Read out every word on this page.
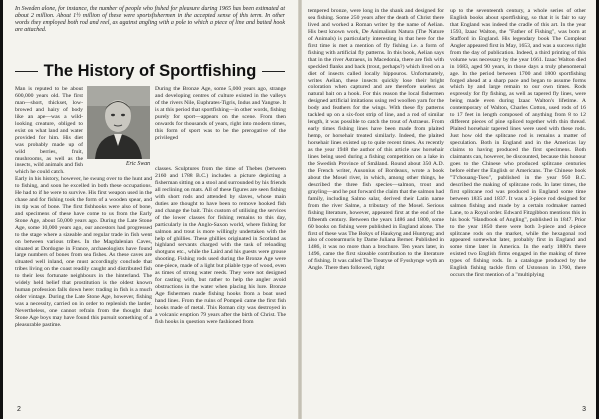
In Sweden alone, for instance, the number of people who fished for pleasure during 1965 has been estimated at about 2 million. About 1½ million of these were sportsfishermen in the accepted sense of this term. In other words they employed both rod and reel, as against angling with a pole to which a piece of line and baited hook are attached.
The History of Sportfishing

Man is reputed to be about 600,000 years old. The first man—short, thickset, low-browed and hairy of body like an ape—was a wild-looking creature, obliged to exist on what land and water provided for him. His diet was probably made up of wild berries, fruit, mushrooms, as well as the insects, wild animals and fish which he could catch.

Eric Swan

Early in his history, however, he swung over to the hunt and to fishing, and soon he excelled in both these occupations. He had to if he were to survive. His first weapon used in the chase and for fishing took the form of a wooden spear, and its tip was of bone. The first fishhooks were also of bone, and specimens of these have come to us from the Early Stone Age, about 50,000 years ago. During the Late Stone Age, some 10,000 years ago, our ancestors had progressed to the stage where a sizeable and regular trade in fish went on between various tribes. In the Magdalenian Caves, situated at Dordogne in France, archaeologists have found large numbers of bones from sea fishes. As these caves are situated well inland, one must accordingly conclude that tribes living on the coast readily caught and distributed fish to their less fortunate neighbours in the hinterland. The widely held belief that prostitution is the oldest known human profession falls down here: trading in fish is a much older vintage. During the Late Stone Age, however, fishing was a necessity, carried on in order to replenish the larder. Nevertheless, one cannot refrain from the thought that Stone Age boys may have found this pursuit something of a pleasurable pastime.

During the Bronze Age, some 5,000 years ago, strange and developing centres of culture existed in the valleys of the rivers Nile, Euphrates-Tigris, Indus and Yangtse. It is at this period that sportfishing—in other words, fishing purely for sport—appears on the scene. From then onwards for thousands of years, right into modern times, this form of sport was to be the prerogative of the privileged

classes. Sculptures from the time of Thebes (between 2160 and 1788 B.C.) includes a picture depicting a fisherman sitting on a stool and surrounded by his friends all reclining on mats. All of these figures are seen fishing with short rods and attended by slaves, whose main duties are thought to have been to remove hooked fish and change the bait. This custom of utilising the services of the lower classes for fishing remains to this day, particularly in the Anglo-Saxon world, where fishing for salmon and trout is more willingly undertaken with the help of ghillies. These ghillies originated in Scotland as highland servants charged with the task of reloading shotguns etc., while the Laird and his guests were grouse shooting. Fishing rods used during the Bronze Age were one-piece, made of a light but pliable type of wood, even as times of strong water reeds. They were not designed for casting with, but rather to help the angler avoid obstructions in the water when placing his lure. Bronze Age fishermen made fishing hooks from a boat used hand lines. From the ruins of Pompeii came the first fish hooks made of metal. This Roman city was destroyed in a volcanic eruption 79 years after the birth of Christ. The fish hooks in question were fashioned from

2

tempered bronze, were long in the shank and designed for sea fishing. Some 250 years after the death of Christ there lived and worked a Roman writer by the name of Aelian. His best known work, De Animalium Natura (The Nature of Animals) is particularly interesting in that here for the first time is met a mention of fly fishing i.e. a form of fishing with artificial fly patterns. In this book, Aelian says that in the river Astraeus, in Macedonia, there are fish with speckled flanks and back (trout, perhaps?) which lived on a diet of insects called locally hippouros. Unfortunately, writes Aelian, these insects quickly lose their bright coloration when captured and are therefore useless as natural bait on a hook. For this reason the local fishermen designed artificial imitations using red woollen yarn for the body and feathers for the wings. With these fly patterns tackled up on a six-foot strip of line, and a rod of similar length, it was possible to catch the trout of Astraeus. From early times fishing lines have been made from plaited hemp, or horsehair treated similarly. Indeed, the plaited horsehair lines existed up to quite recent times. As recently as the year 1948 the author of this article saw horsehair lines being used during a fishing competition on a lake in the Swedish Province of Småland. Round about 350 A.D. the French writer, Ausonius of Bordeaux, wrote a book about the Mosel river, in which, among other things, he described the three fish species—salmon, trout and grayling—and he put forward the claim that the salmon had family, including Salmo salar, derived their Latin name from the river Salme, a tributary of the Mosel. Serious fishing literature, however, appeared first at the end of the fifteenth century. Between the years 1486 and 1800, some 60 books on fishing were published in England alone. The first of these was The Bokys of Haukyng and Huntyng; and also of cootearmuris by Dame Juliana Berner. Published in 1486, it was no more than a brochure. Ten years later, in 1496, came the first sizeable contribution to the literature of fishing. It was called The Treatyse of Fysshynge wyth an Angle. There then followed, right

up to the seventeenth century, a whole series of other English books about sportfishing, so that it is fair to say that England was indeed the cradle of this art. In the year 1593, Izaac Walton, the "Father of Fishing", was born at Stafford in England. His legendary book The Compleat Angler appeared first in May, 1653, and was a success right from the day of publication. Indeed, a third printing of this volume was necessary by the year 1661. Izaac Walton died in 1683, aged 90 years, in those days a truly phenomenal age. In the period between 1700 and 1800 sportfishing forged ahead at a sharp pace and began to assume forms which by and large remain to our own times. Rods expressly for fly fishing, as well as tapered fly lines, were being made even during Izaac Walton's lifetime. A contemporary of Walton, Charles Cotton, used rods of 16 to 17 feet in length composed of anything from 8 to 12 different pieces of pine spliced together with thin thread. Plaited horsehair tapered lines were used with these rods. Just how old the splitcane rod is remains a matter of speculation. Both in England and in the Americas lay claims to having produced the first specimens. Both claimants can, however, be discounted, because this honour goes to the Chinese who produced splitcane centuries before either the English or Americans. The Chinese book "T'chouang-Tseu", published in the year 950 B.C. described the making of splitcane rods. In later times, the first splitcane rod was produced in England some time between 1835 and 1837. It was a 3-piece rod designed for salmon fishing and made by a certain rodmaker named Lane, to a Royal order. Edward Fitzgibbon mentions this in his book "Handbook of Angling", published in 1847. Prior to the year 1850 there were both 3-piece and 4-piece splitcane rods on the market, while the hexagonal rod appeared somewhat later, probably first in England and some time later in America. In the early 1880's there existed two English firms engaged in the making of three types of fishing rods. In a catalogue produced by the English fishing tackle firm of Ustonson in 1760, there occurs the first mention of a "multiplying

3
